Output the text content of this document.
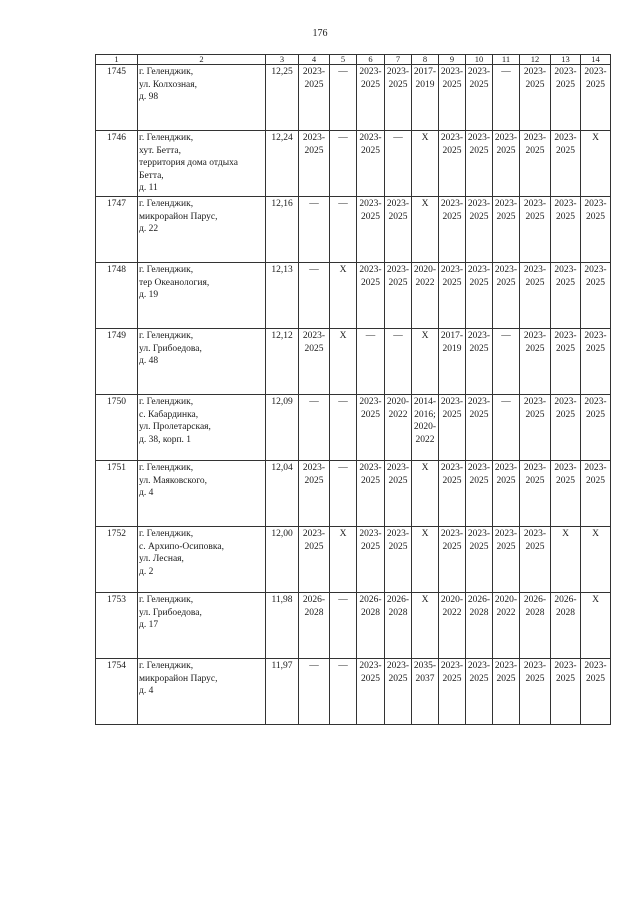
176
1	2	3	4	5	6	7	8	9	10	11	12	13	14
1745	г. Геленджик,
ул. Колхозная,
д. 98	12,25	2023-
2025	—	2023-
2025	2023-
2025	2017-
2019	2023-
2025	2023-
2025	—	2023-
2025	2023-
2025	2023-
2025
1746	г. Геленджик,
хут. Бетта,
территория дома отдыха
Бетта,
д. 11	12,24	2023-
2025	—	2023-
2025	—	X	2023-
2025	2023-
2025	2023-
2025	2023-
2025	2023-
2025	X
1747	г. Геленджик,
микрорайон Парус,
д. 22	12,16	—	—	2023-
2025	2023-
2025	X	2023-
2025	2023-
2025	2023-
2025	2023-
2025	2023-
2025	2023-
2025
1748	г. Геленджик,
тер Океанология,
д. 19	12,13	—	X	2023-
2025	2023-
2025	2020-
2022	2023-
2025	2023-
2025	2023-
2025	2023-
2025	2023-
2025	2023-
2025
1749	г. Геленджик,
ул. Грибоедова,
д. 48	12,12	2023-
2025	X	—	—	X	2017-
2019	2023-
2025	—	2023-
2025	2023-
2025	2023-
2025
1750	г. Геленджик,
с. Кабардинка,
ул. Пролетарская,
д. 38, корп. 1	12,09	—	—	2023-
2025	2020-
2022	2014-
2016;
2020-
2022	2023-
2025	2023-
2025	—	2023-
2025	2023-
2025	2023-
2025
1751	г. Геленджик,
ул. Маяковского,
д. 4	12,04	2023-
2025	—	2023-
2025	2023-
2025	X	2023-
2025	2023-
2025	2023-
2025	2023-
2025	2023-
2025	2023-
2025
1752	г. Геленджик,
с. Архипо-Осиповка,
ул. Лесная,
д. 2	12,00	2023-
2025	X	2023-
2025	2023-
2025	X	2023-
2025	2023-
2025	2023-
2025	2023-
2025	X	X
1753	г. Геленджик,
ул. Грибоедова,
д. 17	11,98	2026-
2028	—	2026-
2028	2026-
2028	X	2020-
2022	2026-
2028	2020-
2022	2026-
2028	2026-
2028	X
1754	г. Геленджик,
микрорайон Парус,
д. 4	11,97	—	—	2023-
2025	2023-
2025	2035-
2037	2023-
2025	2023-
2025	2023-
2025	2023-
2025	2023-
2025	2023-
2025
